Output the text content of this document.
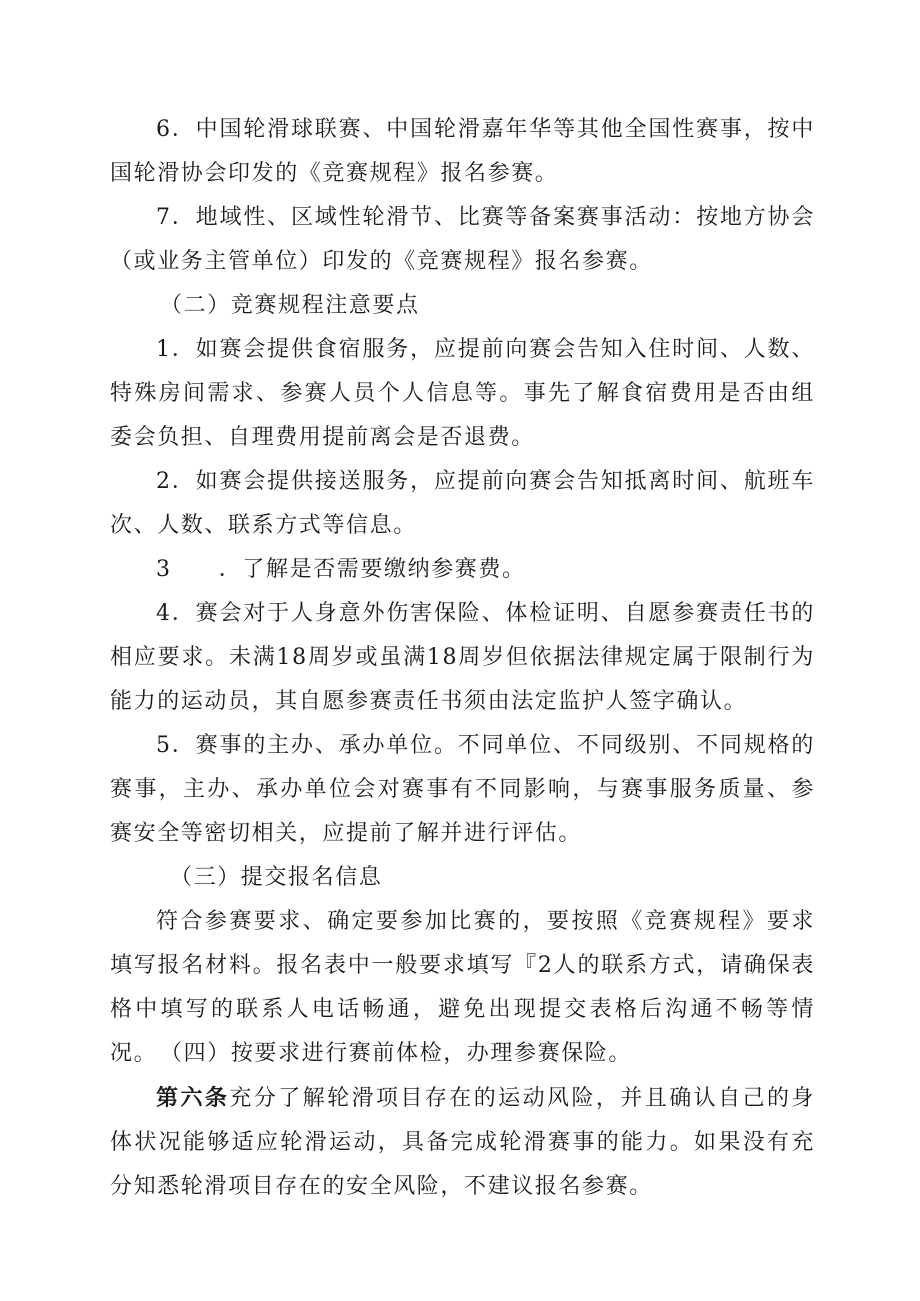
6．中国轮滑球联赛、中国轮滑嘉年华等其他全国性赛事，按中国轮滑协会印发的《竞赛规程》报名参赛。

7．地域性、区域性轮滑节、比赛等备案赛事活动：按地方协会（或业务主管单位）印发的《竞赛规程》报名参赛。

（二）竞赛规程注意要点

1．如赛会提供食宿服务，应提前向赛会告知入住时间、人数、特殊房间需求、参赛人员个人信息等。事先了解食宿费用是否由组委会负担、自理费用提前离会是否退费。

2．如赛会提供接送服务，应提前向赛会告知抵离时间、航班车次、人数、联系方式等信息。

3　　．了解是否需要缴纳参赛费。

4．赛会对于人身意外伤害保险、体检证明、自愿参赛责任书的相应要求。未满18周岁或虽满18周岁但依据法律规定属于限制行为能力的运动员，其自愿参赛责任书须由法定监护人签字确认。

5．赛事的主办、承办单位。不同单位、不同级别、不同规格的赛事，主办、承办单位会对赛事有不同影响，与赛事服务质量、参赛安全等密切相关，应提前了解并进行评估。

（三）提交报名信息

符合参赛要求、确定要参加比赛的，要按照《竞赛规程》要求填写报名材料。报名表中一般要求填写『2人的联系方式，请确保表格中填写的联系人电话畅通，避免出现提交表格后沟通不畅等情况。 （四）按要求进行赛前体检，办理参赛保险。

第六条充分了解轮滑项目存在的运动风险，并且确认自己的身体状况能够适应轮滑运动，具备完成轮滑赛事的能力。如果没有充分知悉轮滑项目存在的安全风险，不建议报名参赛。
